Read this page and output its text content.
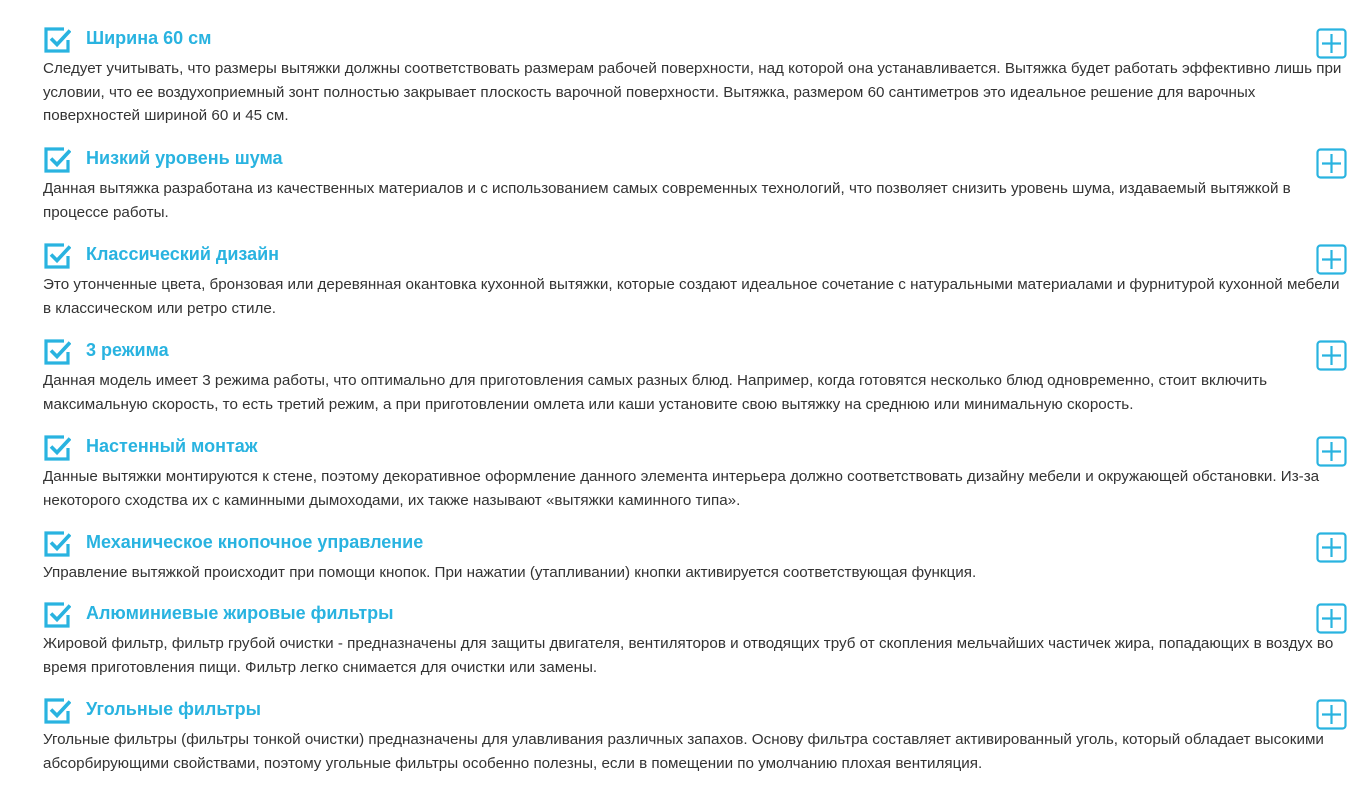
Ширина 60 см

Следует учитывать, что размеры вытяжки должны соответствовать размерам рабочей поверхности, над которой она устанавливается. Вытяжка будет работать эффективно лишь при условии, что ее воздухоприемный зонт полностью закрывает плоскость варочной поверхности. Вытяжка, размером 60 сантиметров это идеальное решение для варочных поверхностей шириной 60 и 45 см.

Низкий уровень шума

Данная вытяжка разработана из качественных материалов и с использованием самых современных технологий, что позволяет снизить уровень шума, издаваемый вытяжкой в процессе работы.

Классический дизайн

Это утонченные цвета, бронзовая или деревянная окантовка кухонной вытяжки, которые создают идеальное сочетание с натуральными материалами и фурнитурой кухонной мебели в классическом или ретро стиле.

3 режима

Данная модель имеет 3 режима работы, что оптимально для приготовления самых разных блюд. Например, когда готовятся несколько блюд одновременно, стоит включить максимальную скорость, то есть третий режим, а при приготовлении омлета или каши установите свою вытяжку на среднюю или минимальную скорость.

Настенный монтаж

Данные вытяжки монтируются к стене, поэтому декоративное оформление данного элемента интерьера должно соответствовать дизайну мебели и окружающей обстановки. Из-за некоторого сходства их с каминными дымоходами, их также называют «вытяжки каминного типа».

Механическое кнопочное управление

Управление вытяжкой происходит при помощи кнопок. При нажатии (утапливании) кнопки активируется соответствующая функция.

Алюминиевые жировые фильтры

Жировой фильтр, фильтр грубой очистки - предназначены для защиты двигателя, вентиляторов и отводящих труб от скопления мельчайших частичек жира, попадающих в воздух во время приготовления пищи. Фильтр легко снимается для очистки или замены.

Угольные фильтры

Угольные фильтры (фильтры тонкой очистки) предназначены для улавливания различных запахов. Основу фильтра составляет активированный уголь, который обладает высокими абсорбирующими свойствами, поэтому угольные фильтры особенно полезны, если в помещении по умолчанию плохая вентиляция.
